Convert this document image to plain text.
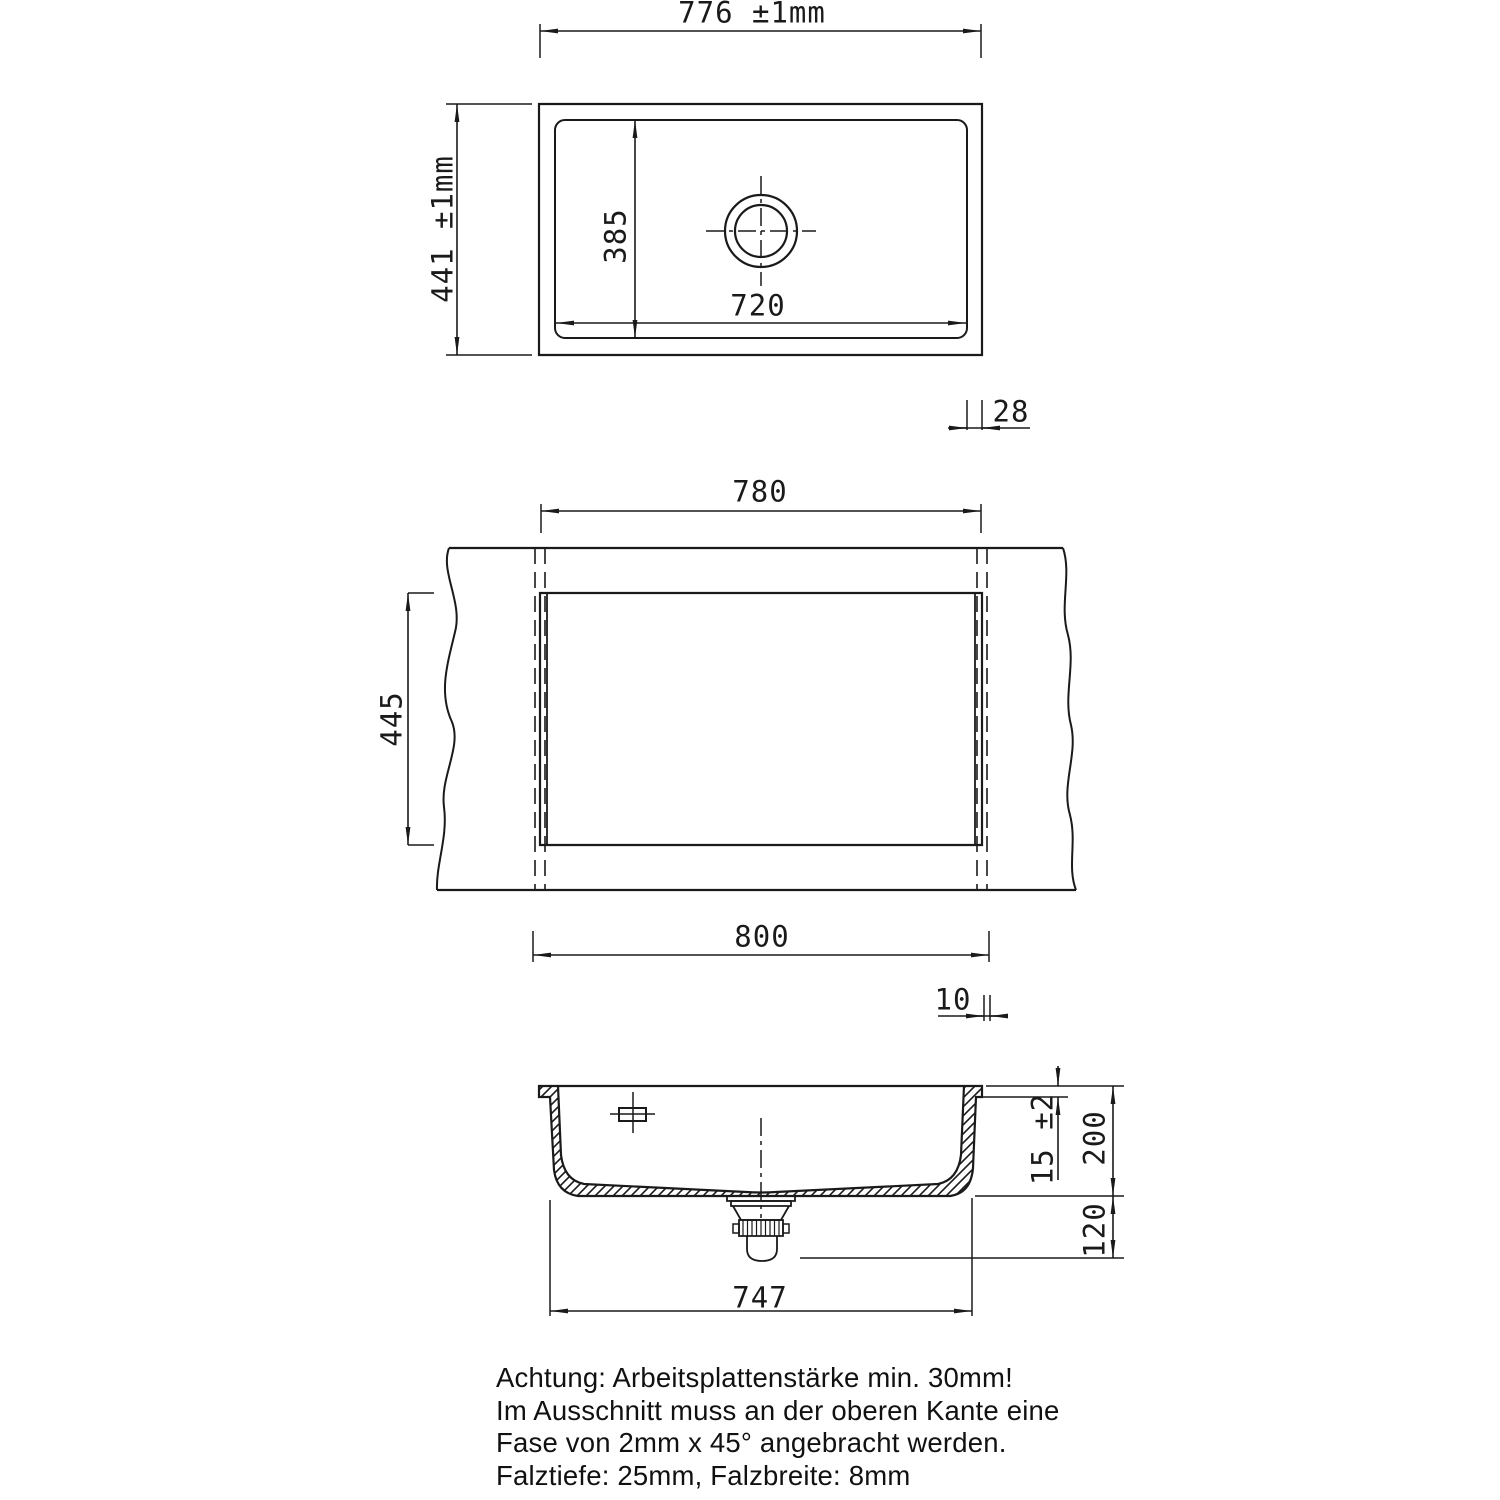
776 ±1mm
441 ±1mm	385
720
28
780
445
800
10
15 ±2 200
120
747
Achtung: Arbeitsplattenstärke min. 30mm!
Im Ausschnitt muss an der oberen Kante eine
Fase von 2mm x 45° angebracht werden.
Falztiefe: 25mm, Falzbreite: 8mm
